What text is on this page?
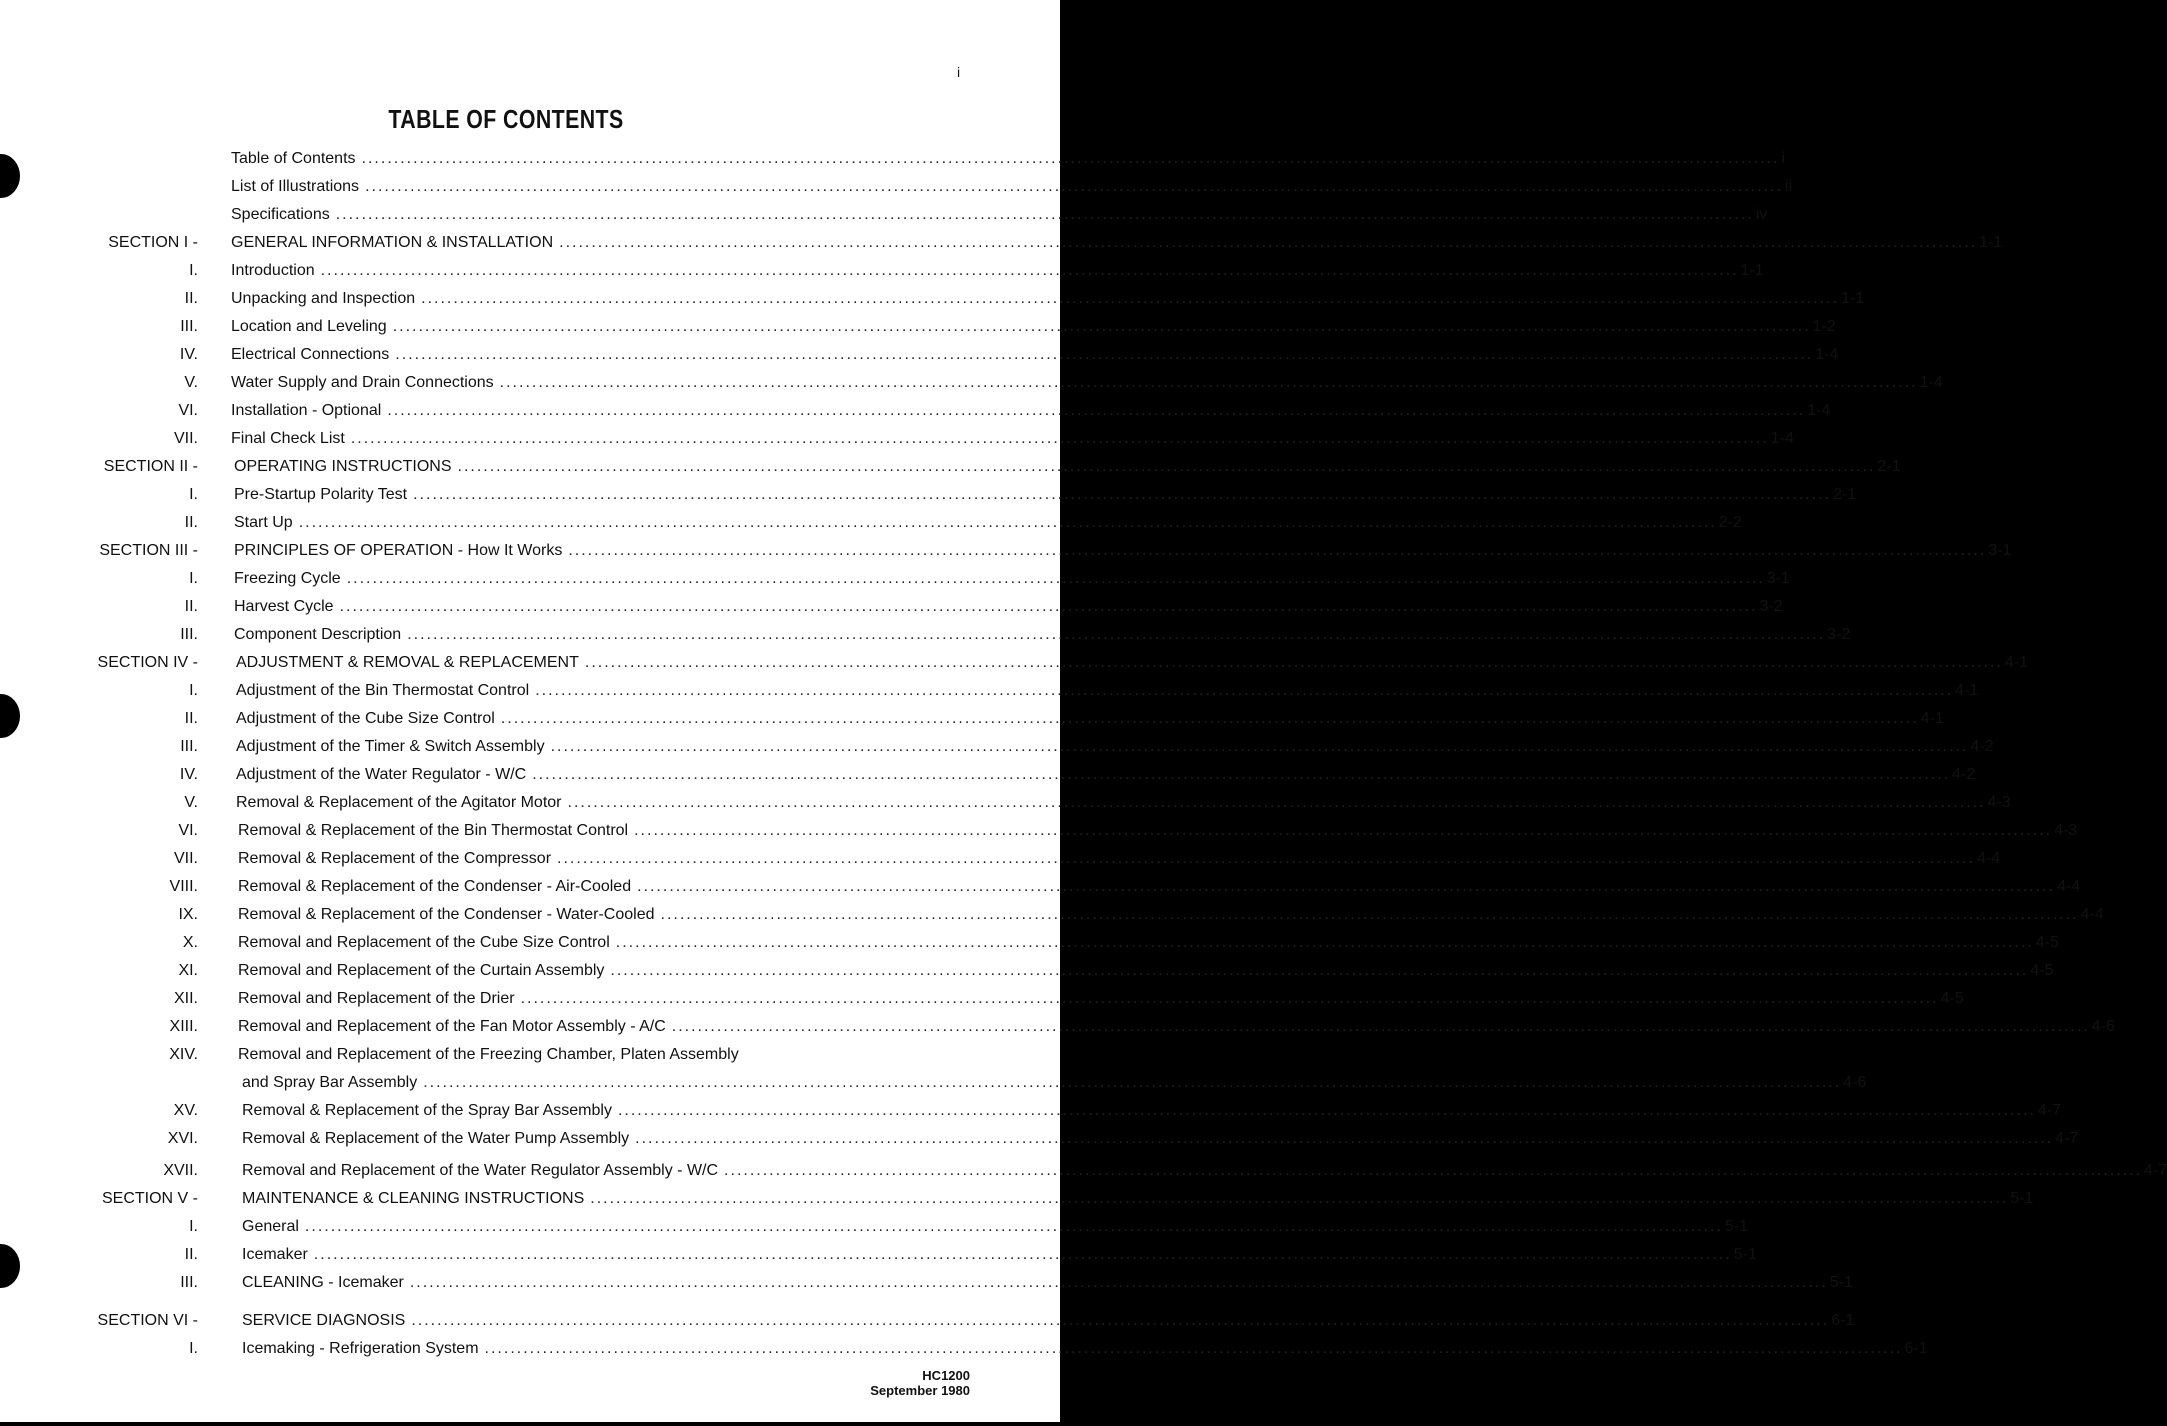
i
TABLE OF CONTENTS
Table of Contents ............................................................................................................................................................................................................................ i
List of Illustrations ............................................................................................................................................................................................................................ ii
Specifications ............................................................................................................................................................................................................................ iv
SECTION I - GENERAL INFORMATION & INSTALLATION ............................................................................................................................................................................................................................ 1-1
I. Introduction ............................................................................................................................................................................................................................ 1-1
II. Unpacking and Inspection ............................................................................................................................................................................................................................ 1-1
III. Location and Leveling ............................................................................................................................................................................................................................ 1-2
IV. Electrical Connections ............................................................................................................................................................................................................................ 1-4
V. Water Supply and Drain Connections ............................................................................................................................................................................................................................ 1-4
VI. Installation - Optional ............................................................................................................................................................................................................................ 1-4
VII. Final Check List ............................................................................................................................................................................................................................ 1-4
SECTION II - OPERATING INSTRUCTIONS ............................................................................................................................................................................................................................ 2-1
I. Pre-Startup Polarity Test ............................................................................................................................................................................................................................ 2-1
II. Start Up ............................................................................................................................................................................................................................ 2-2
SECTION III - PRINCIPLES OF OPERATION - How It Works ............................................................................................................................................................................................................................ 3-1
I. Freezing Cycle ............................................................................................................................................................................................................................ 3-1
II. Harvest Cycle ............................................................................................................................................................................................................................ 3-2
III. Component Description ............................................................................................................................................................................................................................ 3-2
SECTION IV - ADJUSTMENT & REMOVAL & REPLACEMENT ............................................................................................................................................................................................................................ 4-1
I. Adjustment of the Bin Thermostat Control ............................................................................................................................................................................................................................ 4-1
II. Adjustment of the Cube Size Control ............................................................................................................................................................................................................................ 4-1
III. Adjustment of the Timer & Switch Assembly ............................................................................................................................................................................................................................ 4-2
IV. Adjustment of the Water Regulator - W/C ............................................................................................................................................................................................................................ 4-2
V. Removal & Replacement of the Agitator Motor ............................................................................................................................................................................................................................ 4-3
VI.	Removal & Replacement of the Bin Thermostat Control ............................................................................................................................................................................................................................ 4-3
VII.	Removal & Replacement of the Compressor ............................................................................................................................................................................................................................ 4-4
VIII.	Removal & Replacement of the Condenser - Air-Cooled ............................................................................................................................................................................................................................ 4-4
IX.	Removal & Replacement of the Condenser - Water-Cooled ............................................................................................................................................................................................................................ 4-4
X.	Removal and Replacement of the Cube Size Control ............................................................................................................................................................................................................................ 4-5
XI.	Removal and Replacement of the Curtain Assembly ............................................................................................................................................................................................................................ 4-5
XII.	Removal and Replacement of the Drier ............................................................................................................................................................................................................................ 4-5
XIII.	Removal and Replacement of the Fan Motor Assembly - A/C ............................................................................................................................................................................................................................ 4-6
XIV.	Removal and Replacement of the Freezing Chamber, Platen Assembly
and Spray Bar Assembly ............................................................................................................................................................................................................................ 4-6
XV.	Removal & Replacement of the Spray Bar Assembly ............................................................................................................................................................................................................................ 4-7
XVI.	Removal & Replacement of the Water Pump Assembly ............................................................................................................................................................................................................................ 4-7
XVII.	Removal and Replacement of the Water Regulator Assembly - W/C ............................................................................................................................................................................................................................ 4-7
SECTION V -	MAINTENANCE & CLEANING INSTRUCTIONS ............................................................................................................................................................................................................................ 5-1
I.	General ............................................................................................................................................................................................................................ 5-1
II.	Icemaker ............................................................................................................................................................................................................................ 5-1
III.	CLEANING - Icemaker ............................................................................................................................................................................................................................ 5-1
SECTION VI -	SERVICE DIAGNOSIS ............................................................................................................................................................................................................................ 6-1
I.	Icemaking - Refrigeration System ............................................................................................................................................................................................................................ 6-1
HC1200
September 1980
